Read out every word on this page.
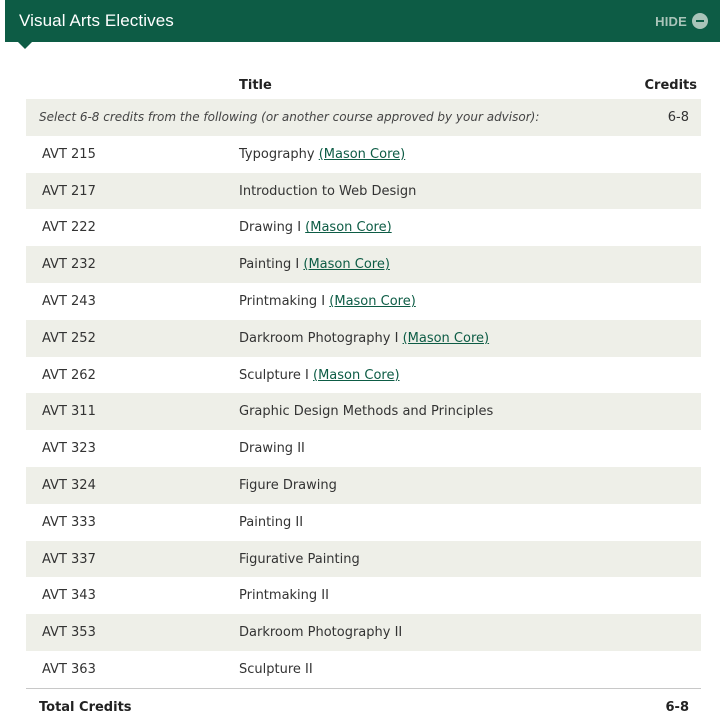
Visual Arts Electives	HIDE
Title	Credits
Select 6-8 credits from the following (or another course approved by your advisor):	6-8
AVT 215	Typography (Mason Core)
AVT 217	Introduction to Web Design
AVT 222	Drawing I (Mason Core)
AVT 232	Painting I (Mason Core)
AVT 243	Printmaking I (Mason Core)
AVT 252	Darkroom Photography I (Mason Core)
AVT 262	Sculpture I (Mason Core)
AVT 311	Graphic Design Methods and Principles
AVT 323	Drawing II
AVT 324	Figure Drawing
AVT 333	Painting II
AVT 337	Figurative Painting
AVT 343	Printmaking II
AVT 353	Darkroom Photography II
AVT 363	Sculpture II
Total Credits	6-8
